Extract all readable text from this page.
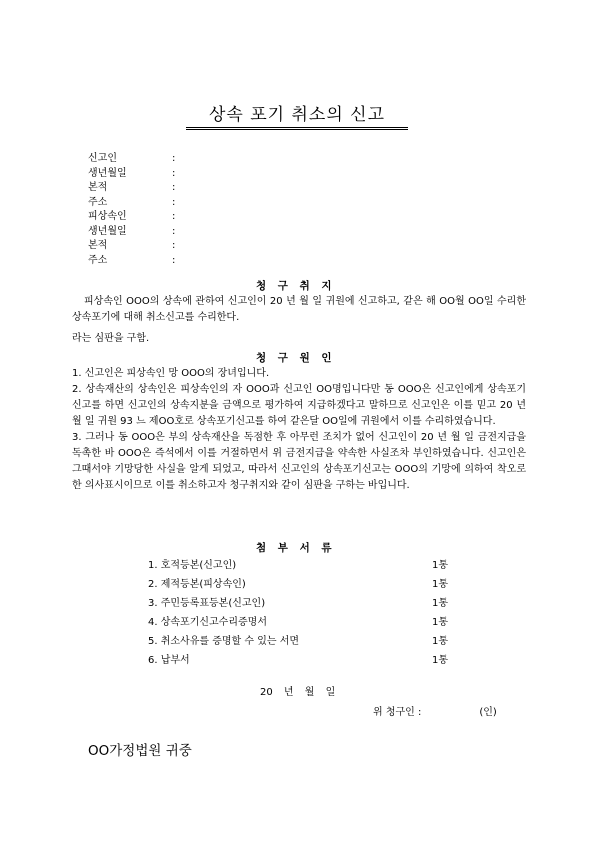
상속 포기 취소의 신고
신고인	:
생년월일	:
본적	:
주소	:
피상속인	:
생년월일	:
본적	:
주소	:
청 구 취 지
피상속인 OOO의 상속에 관하여 신고인이 20 년 월 일 귀원에 신고하고, 같은 해 OO월 OO일 수리한 상속포기에 대해 취소신고를 수리한다.
라는 심판을 구함.
청 구 원 인
1. 신고인은 피상속인 망 OOO의 장녀입니다.
2. 상속재산의 상속인은 피상속인의 자 OOO과 신고인 OO명입니다만 동 OOO은 신고인에게 상속포기신고를 하면 신고인의 상속지분을 금액으로 평가하여 지급하겠다고 말하므로 신고인은 이를 믿고 20 년 월 일 귀원 93 느 제OO호로 상속포기신고를 하여 같은달 OO일에 귀원에서 이를 수리하였습니다.
3. 그러나 동 OOO은 부의 상속재산을 독점한 후 아무런 조치가 없어 신고인이 20 년 월 일 금전지급을 독촉한 바 OOO은 즉석에서 이를 거절하면서 위 금전지급을 약속한 사실조차 부인하였습니다. 신고인은 그때서야 기망당한 사실을 알게 되었고, 따라서 신고인의 상속포기신고는 OOO의 기망에 의하여 착오로 한 의사표시이므로 이를 취소하고자 청구취지와 같이 심판을 구하는 바입니다.
첨 부 서 류
1. 호적등본(신고인)	1통
2. 제적등본(피상속인)	1통
3. 주민등록표등본(신고인)	1통
4. 상속포기신고수리증명서	1통
5. 취소사유를 증명할 수 있는 서면	1통
6. 납부서	1통
20 년 월 일
위 청구인 :	(인)
OO가정법원 귀중
